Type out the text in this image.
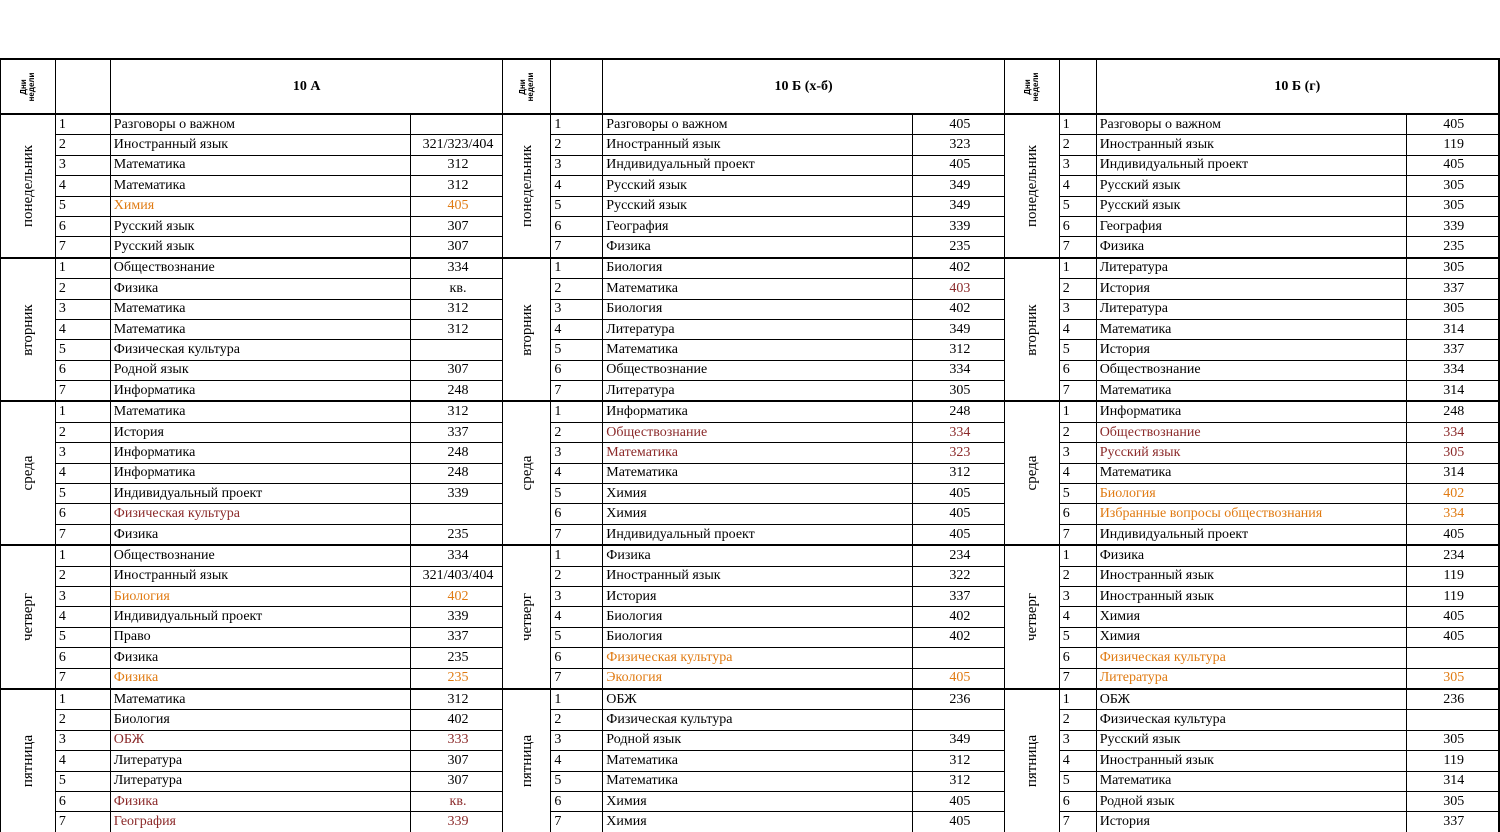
Дни
недели		10 А		Дни
недели		10 Б (х-б)		Дни
недели		10 Б (г)	

понедельник	1	Разговоры о важном		понедельник	1	Разговоры о важном	405	понедельник	1	Разговоры о важном	405
	2	Иностранный язык	321/323/404		2	Иностранный язык	323		2	Иностранный язык	119
	3	Математика	312		3	Индивидуальный проект	405		3	Индивидуальный проект	405
	4	Математика	312		4	Русский язык	349		4	Русский язык	305
	5	Химия	405		5	Русский язык	349		5	Русский язык	305
	6	Русский язык	307		6	География	339		6	География	339
	7	Русский язык	307		7	Физика	235		7	Физика	235

вторник	1	Обществознание	334	вторник	1	Биология	402	вторник	1	Литература	305
	2	Физика	кв.		2	Математика	403		2	История	337
	3	Математика	312		3	Биология	402		3	Литература	305
	4	Математика	312		4	Литература	349		4	Математика	314
	5	Физическая культура			5	Математика	312		5	История	337
	6	Родной язык	307		6	Обществознание	334		6	Обществознание	334
	7	Информатика	248		7	Литература	305		7	Математика	314

среда	1	Математика	312	среда	1	Информатика	248	среда	1	Информатика	248
	2	История	337		2	Обществознание	334		2	Обществознание	334
	3	Информатика	248		3	Математика	323		3	Русский язык	305
	4	Информатика	248		4	Математика	312		4	Математика	314
	5	Индивидуальный проект	339		5	Химия	405		5	Биология	402
	6	Физическая культура			6	Химия	405		6	Избранные вопросы обществознания	334
	7	Физика	235		7	Индивидуальный проект	405		7	Индивидуальный проект	405

четверг	1	Обществознание	334	четверг	1	Физика	234	четверг	1	Физика	234
	2	Иностранный язык	321/403/404		2	Иностранный язык	322		2	Иностранный язык	119
	3	Биология	402		3	История	337		3	Иностранный язык	119
	4	Индивидуальный проект	339		4	Биология	402		4	Химия	405
	5	Право	337		5	Биология	402		5	Химия	405
	6	Физика	235		6	Физическая культура			6	Физическая культура	
	7	Физика	235		7	Экология	405		7	Литература	305

пятница	1	Математика	312	пятница	1	ОБЖ	236	пятница	1	ОБЖ	236
	2	Биология	402		2	Физическая культура			2	Физическая культура	
	3	ОБЖ	333		3	Родной язык	349		3	Русский язык	305
	4	Литература	307		4	Математика	312		4	Иностранный язык	119
	5	Литература	307		5	Математика	312		5	Математика	314
	6	Физика	кв.		6	Химия	405		6	Родной язык	305
	7	География	339		7	Химия	405		7	История	337
